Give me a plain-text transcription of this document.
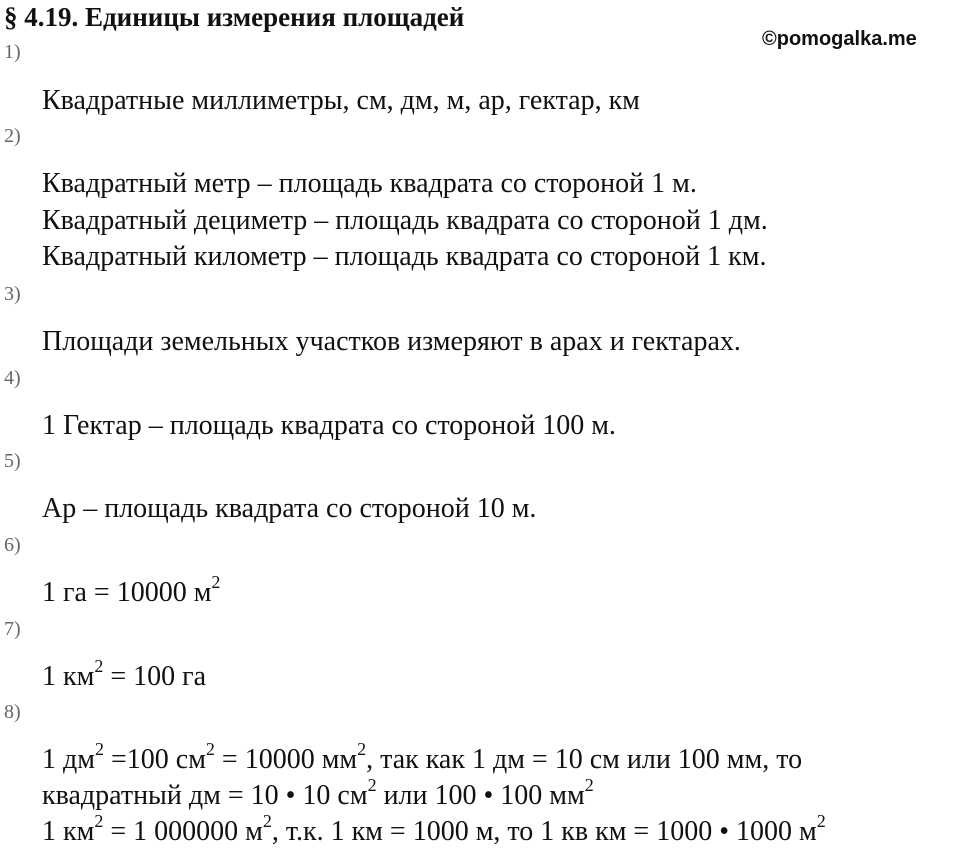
§ 4.19. Единицы измерения площадей
©pomogalka.me
1)
Квадратные миллиметры, см, дм, м, ар, гектар, км
2)
Квадратный метр – площадь квадрата со стороной 1 м.
Квадратный дециметр – площадь квадрата со стороной 1 дм.
Квадратный километр – площадь квадрата со стороной 1 км.
3)
Площади земельных участков измеряют в арах и гектарах.
4)
1 Гектар – площадь квадрата со стороной 100 м.
5)
Ар – площадь квадрата со стороной 10 м.
6)
1 га = 10000 $м^2$
7)
1 $км^2 = 100$ га
8)
1 $дм^2 =100$ $см^2 = 10000$ $мм^2$, так как 1 дм = 10 см или 100 мм, то
квадратный дм = 10 • 10 $см^2$ или 100 • 100 $мм^2$
1 $км^2 = 1$ 000000 $м^2$, т.к. 1 км = 1000 м, то 1 кв км = 1000 • 1000 $м^2$
